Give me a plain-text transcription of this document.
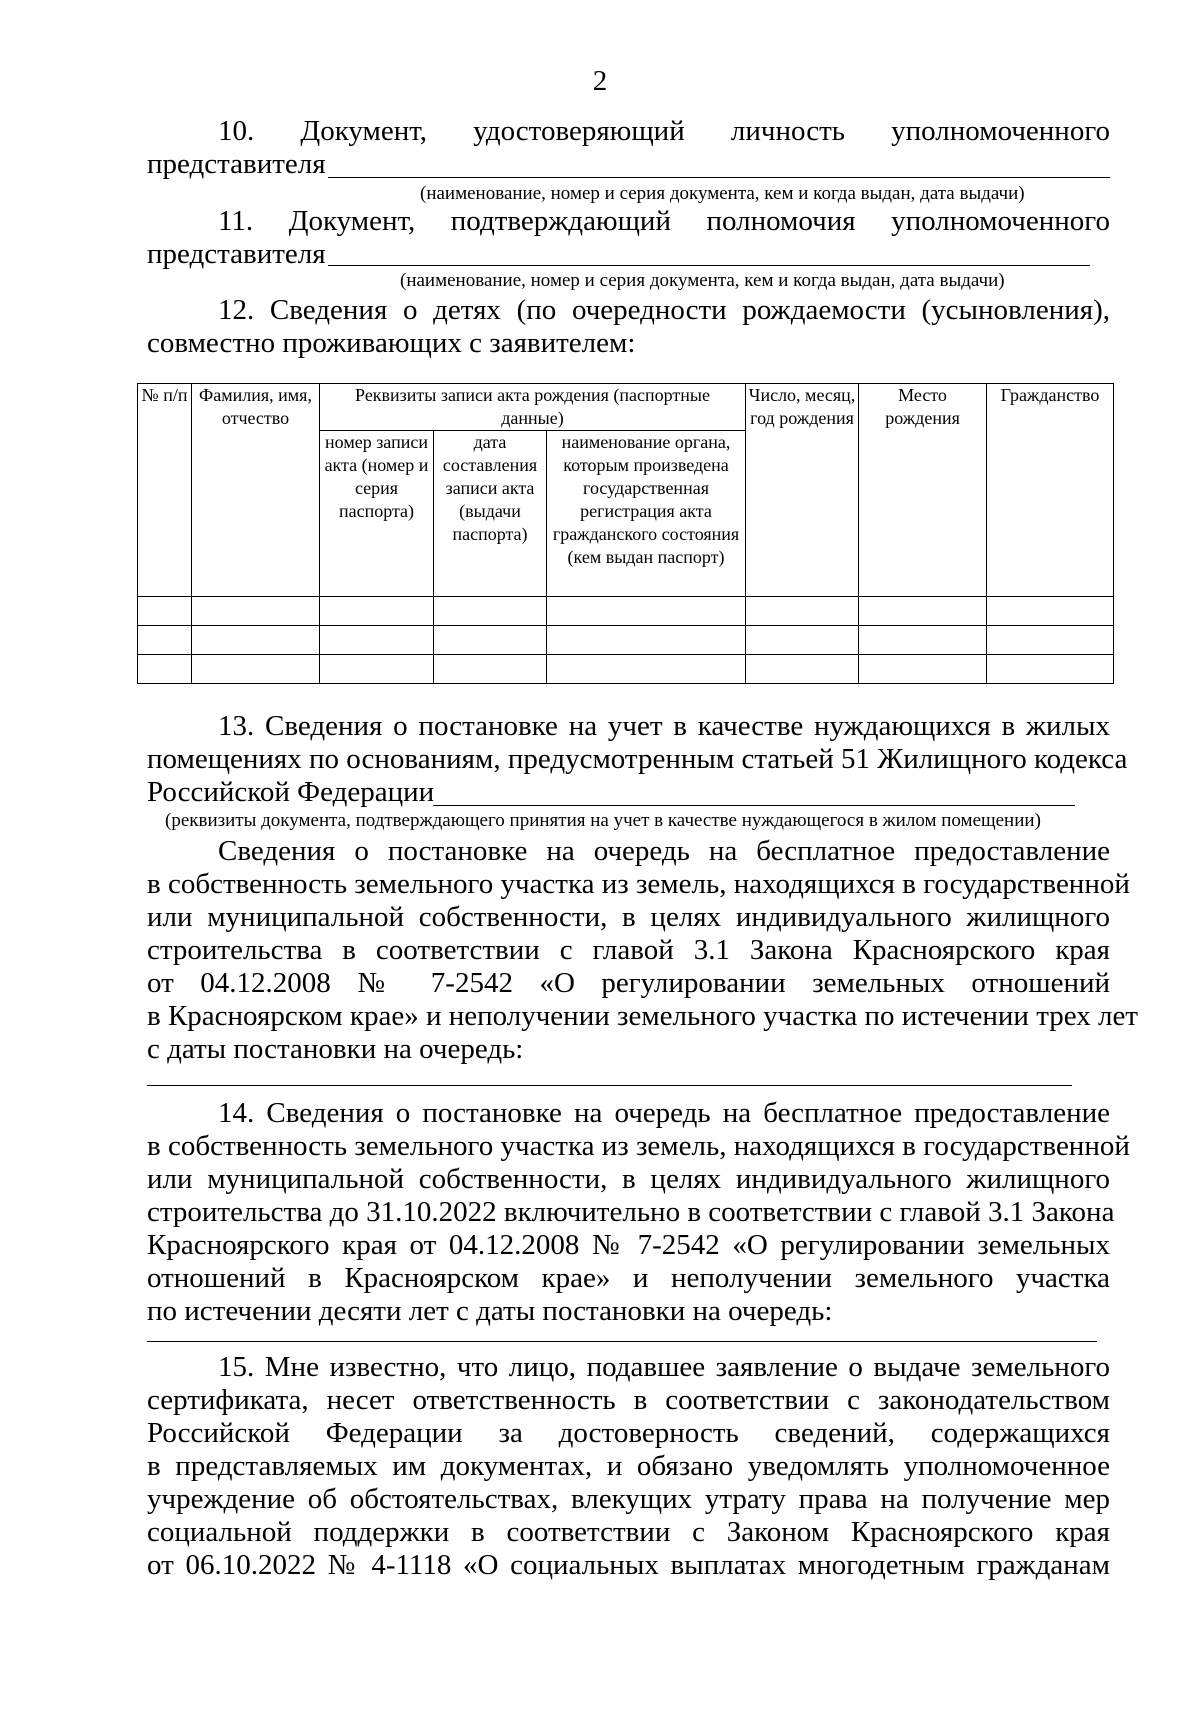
2
10. Документ, удостоверяющий личность уполномоченного
представителя
(наименование, номер и серия документа, кем и когда выдан, дата выдачи)
11. Документ, подтверждающий полномочия уполномоченного
представителя
(наименование, номер и серия документа, кем и когда выдан, дата выдачи)
12. Сведения о детях (по очередности рождаемости (усыновления),
совместно проживающих с заявителем:
№ п/п	Фамилия, имя, отчество	Реквизиты записи акта рождения (паспортные данные)			Число, месяц, год рождения	Место рождения	Гражданство
		номер записи акта (номер и серия паспорта)	дата составления записи акта (выдачи паспорта)	наименование органа, которым произведена государственная регистрация акта гражданского состояния (кем выдан паспорт)			

13. Сведения о постановке на учет в качестве нуждающихся в жилых
помещениях по основаниям, предусмотренным статьей 51 Жилищного кодекса
Российской Федерации
(реквизиты документа, подтверждающего принятия на учет в качестве нуждающегося в жилом помещении)
Сведения о постановке на очередь на бесплатное предоставление
в собственность земельного участка из земель, находящихся в государственной
или муниципальной собственности, в целях индивидуального жилищного
строительства в соответствии с главой 3.1 Закона Красноярского края
от 04.12.2008 № 7-2542 «О регулировании земельных отношений
в Красноярском крае» и неполучении земельного участка по истечении трех лет
с даты постановки на очередь:
14. Сведения о постановке на очередь на бесплатное предоставление
в собственность земельного участка из земель, находящихся в государственной
или муниципальной собственности, в целях индивидуального жилищного
строительства до 31.10.2022 включительно в соответствии с главой 3.1 Закона
Красноярского края от 04.12.2008 № 7-2542 «О регулировании земельных
отношений в Красноярском крае» и неполучении земельного участка
по истечении десяти лет с даты постановки на очередь:
15. Мне известно, что лицо, подавшее заявление о выдаче земельного
сертификата, несет ответственность в соответствии с законодательством
Российской Федерации за достоверность сведений, содержащихся
в представляемых им документах, и обязано уведомлять уполномоченное
учреждение об обстоятельствах, влекущих утрату права на получение мер
социальной поддержки в соответствии с Законом Красноярского края
от 06.10.2022 № 4-1118 «О социальных выплатах многодетным гражданам
